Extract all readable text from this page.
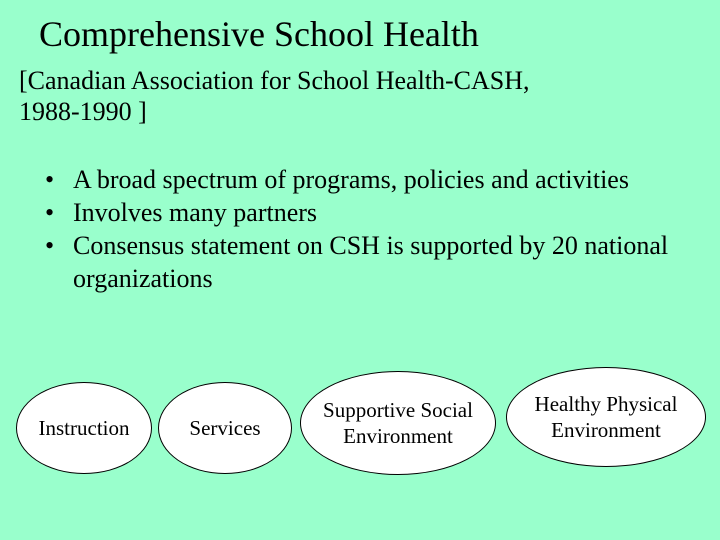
Comprehensive School Health
[Canadian Association for School Health-CASH,
1988-1990 ]
• A broad spectrum of programs, policies and activities
• Involves many partners
• Consensus statement on CSH is supported by 20 national organizations
Instruction	Services
Supportive Social
Environment
Healthy Physical
Environment
